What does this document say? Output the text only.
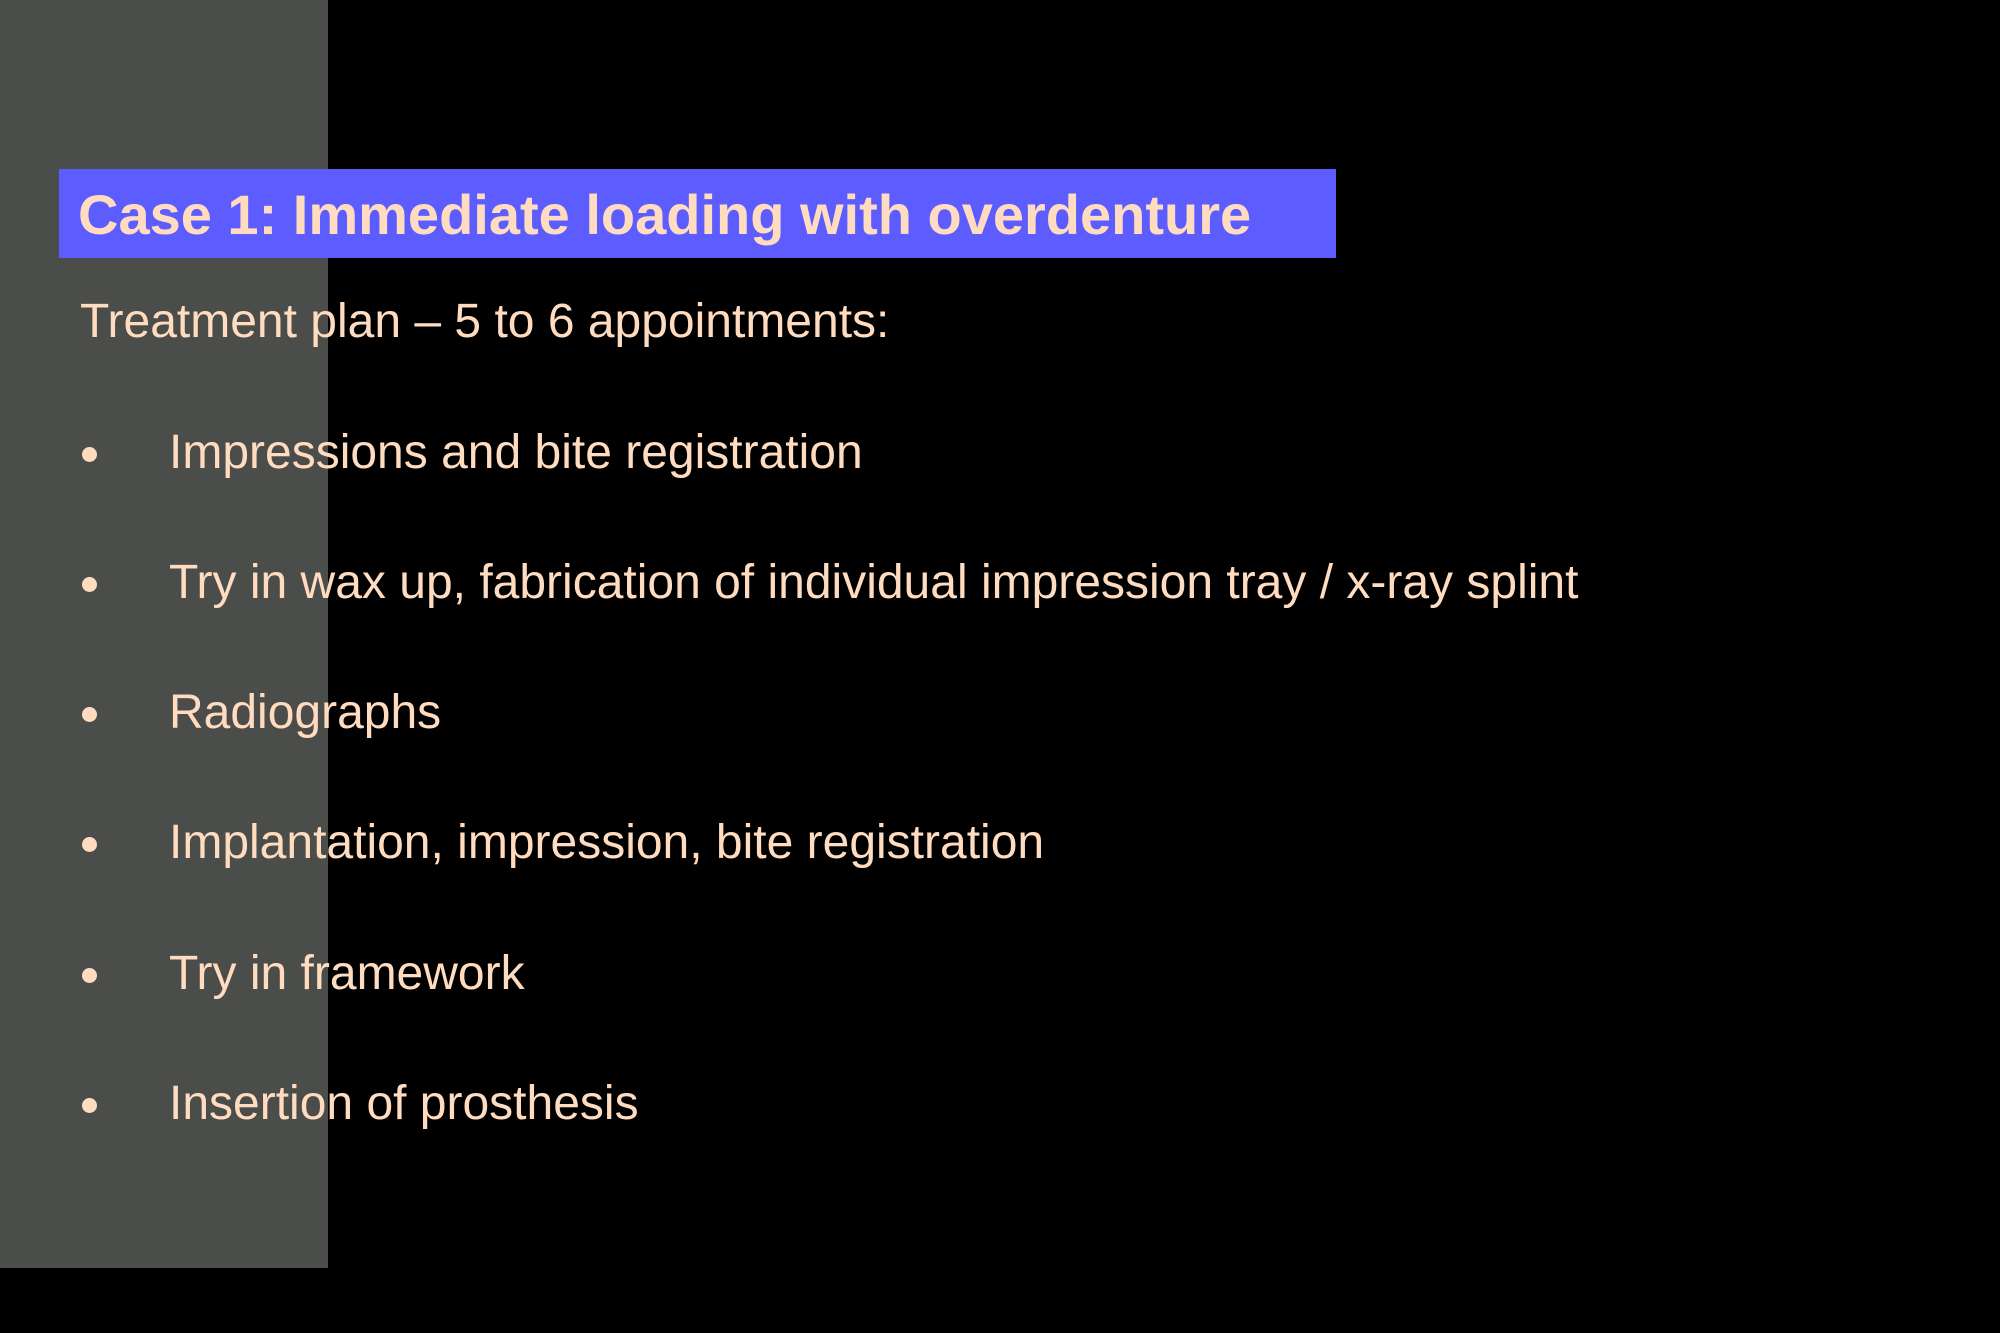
Case 1: Immediate loading with overdenture
Treatment plan – 5 to 6 appointments:
Impressions and bite registration
Try in wax up, fabrication of individual impression tray / x-ray splint
Radiographs
Implantation, impression, bite registration
Try in framework
Insertion of prosthesis
